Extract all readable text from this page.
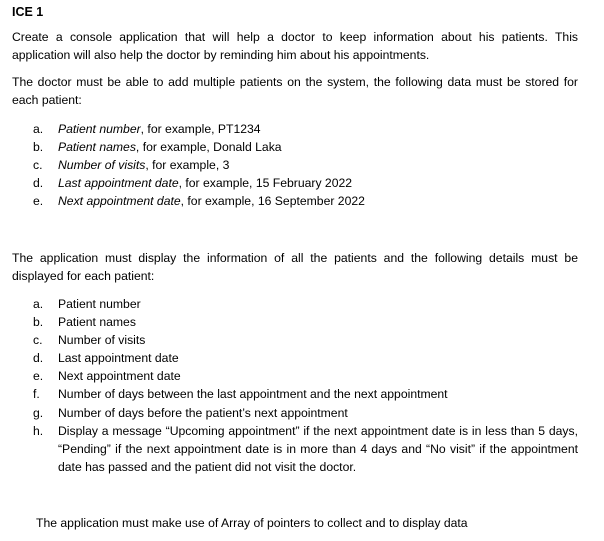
ICE 1
Create a console application that will help a doctor to keep information about his patients. This application will also help the doctor by reminding him about his appointments.
The doctor must be able to add multiple patients on the system, the following data must be stored for each patient:
a.	Patient number, for example, PT1234
b.	Patient names, for example, Donald Laka
c.	Number of visits, for example, 3
d.	Last appointment date, for example, 15 February 2022
e.	Next appointment date, for example, 16 September 2022
The application must display the information of all the patients and the following details must be displayed for each patient:
a.	Patient number
b.	Patient names
c.	Number of visits
d.	Last appointment date
e.	Next appointment date
f.	Number of days between the last appointment and the next appointment
g.	Number of days before the patient’s next appointment
h.	Display a message “Upcoming appointment” if the next appointment date is in less than 5 days, “Pending” if the next appointment date is in more than 4 days and “No visit” if the appointment date has passed and the patient did not visit the doctor.
The application must make use of Array of pointers to collect and to display data
